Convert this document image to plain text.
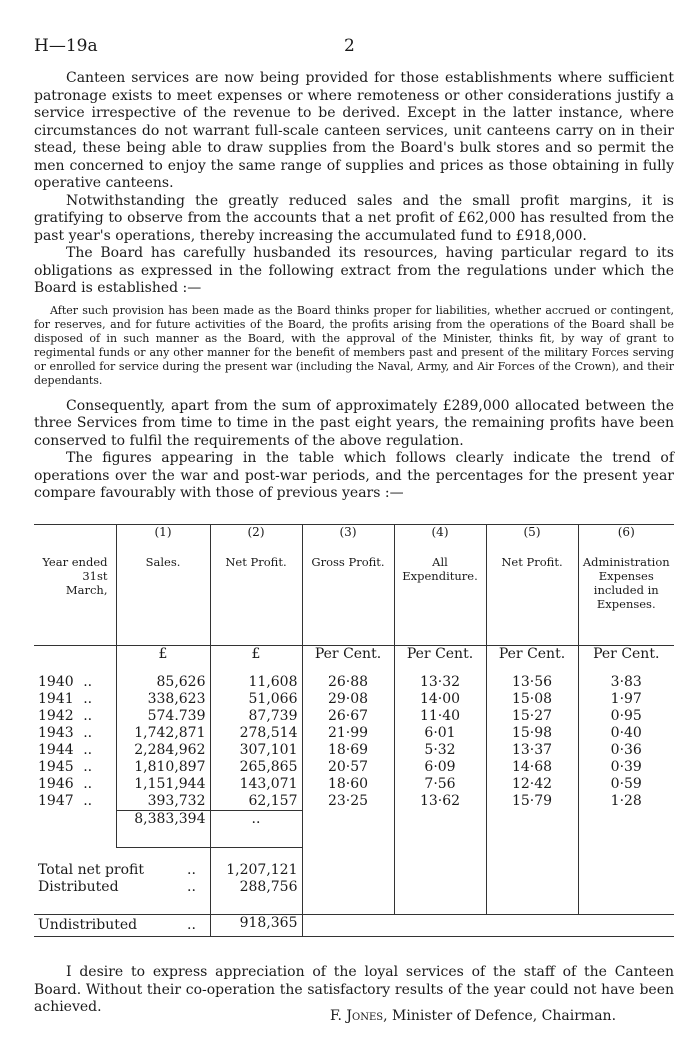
H—19a	2

Canteen services are now being provided for those establishments where sufficient patronage exists to meet expenses or where remoteness or other considerations justify a service irrespective of the revenue to be derived. Except in the latter instance, where circumstances do not warrant full-scale canteen services, unit canteens carry on in their stead, these being able to draw supplies from the Board's bulk stores and so permit the men concerned to enjoy the same range of supplies and prices as those obtaining in fully operative canteens.

Notwithstanding the greatly reduced sales and the small profit margins, it is gratifying to observe from the accounts that a net profit of £62,000 has resulted from the past year's operations, thereby increasing the accumulated fund to £918,000.

The Board has carefully husbanded its resources, having particular regard to its obligations as expressed in the following extract from the regulations under which the Board is established :—

After such provision has been made as the Board thinks proper for liabilities, whether accrued or contingent, for reserves, and for future activities of the Board, the profits arising from the operations of the Board shall be disposed of in such manner as the Board, with the approval of the Minister, thinks fit, by way of grant to regimental funds or any other manner for the benefit of members past and present of the military Forces serving or enrolled for service during the present war (including the Naval, Army, and Air Forces of the Crown), and their dependants.

Consequently, apart from the sum of approximately £289,000 allocated between the three Services from time to time in the past eight years, the remaining profits have been conserved to fulfil the requirements of the above regulation.

The figures appearing in the table which follows clearly indicate the trend of operations over the war and post-war periods, and the percentages for the present year compare favourably with those of previous years :—

	(1)	(2)	(3)	(4)	(5)	(6)
Year ended 31st March,	Sales.	Net Profit.	Gross Profit.	All Expenditure.	Net Profit.	Administration Expenses included in Expenses.
	£	£	Per Cent.	Per Cent.	Per Cent.	Per Cent.
1940 ..	85,626	11,608	26·88	13·32	13·56	3·83
1941 ..	338,623	51,066	29·08	14·00	15·08	1·97
1942 ..	574.739	87,739	26·67	11·40	15·27	0·95
1943 ..	1,742,871	278,514	21·99	6·01	15·98	0·40
1944 ..	2,284,962	307,101	18·69	5·32	13·37	0·36
1945 ..	1,810,897	265,865	20·57	6·09	14·68	0·39
1946 ..	1,151,944	143,071	18·60	7·56	12·42	0·59
1947 ..	393,732	62,157	23·25	13·62	15·79	1·28
	8,383,394	..				
Total net profit ..		1,207,121				
Distributed ..		288,756				
Undistributed ..		918,365				

I desire to express appreciation of the loyal services of the staff of the Canteen Board. Without their co-operation the satisfactory results of the year could not have been achieved.

F. Jones, Minister of Defence, Chairman.
